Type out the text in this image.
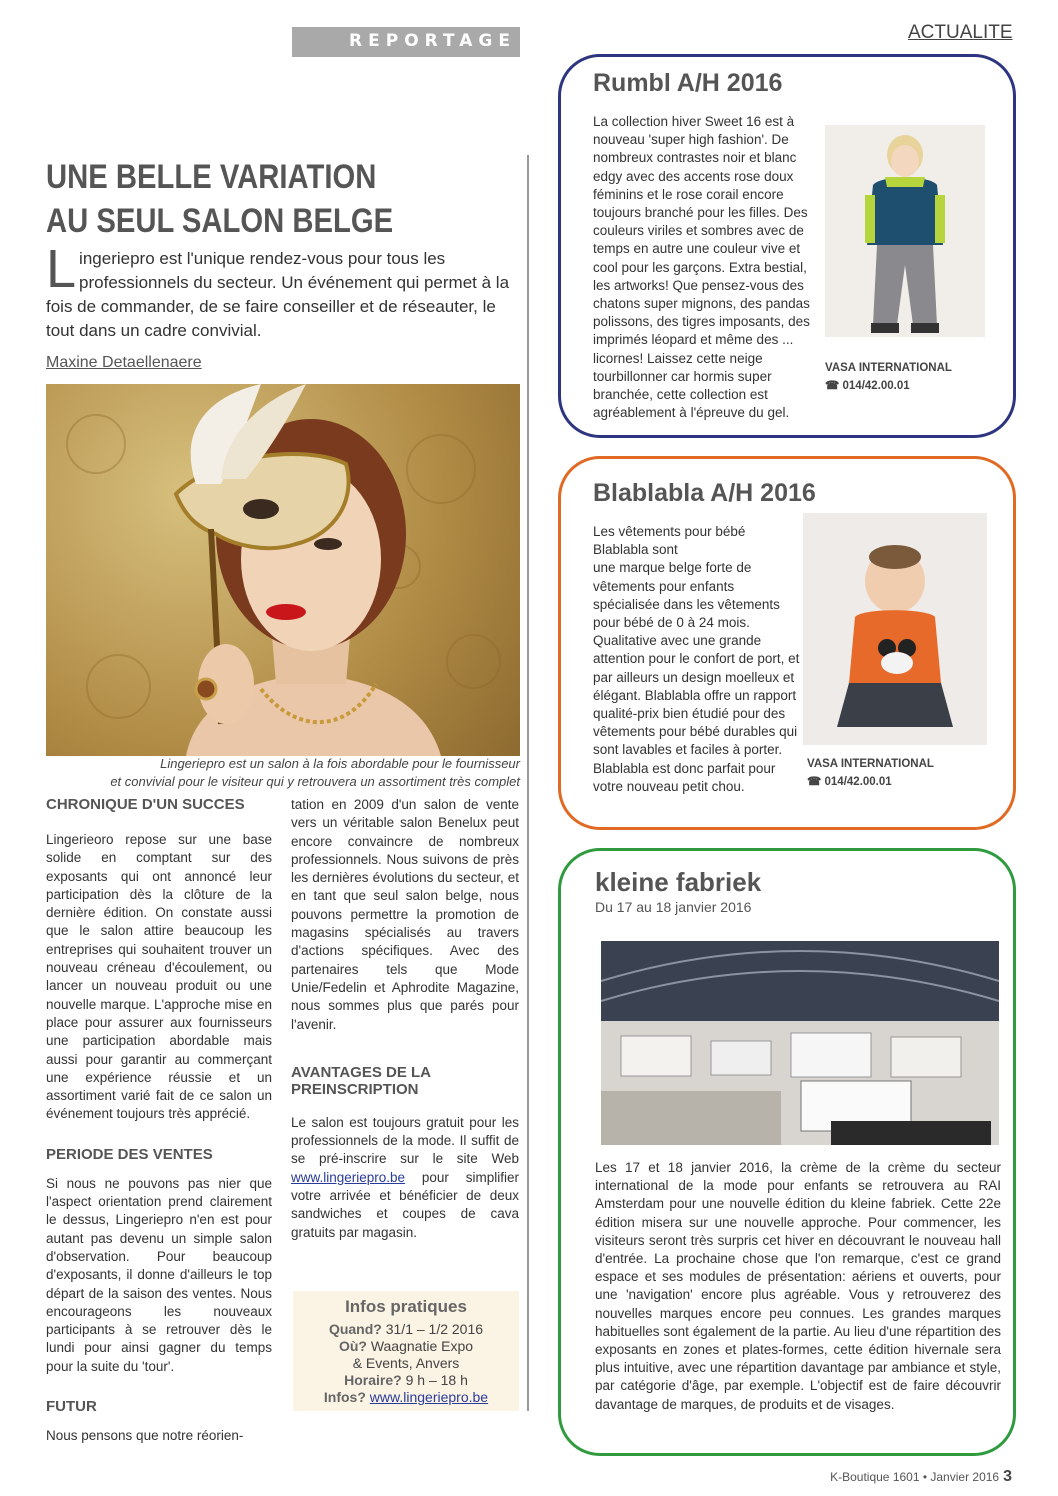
REPORTAGE	ACTUALITE
UNE BELLE VARIATION
AU SEUL SALON BELGE
Lingeriepro est l'unique rendez-vous pour tous les professionnels du secteur. Un événement qui permet à la fois de commander, de se faire conseiller et de réseauter, le tout dans un cadre convivial.
Maxine Detaellenaere
Lingeriepro est un salon à la fois abordable pour le fournisseur
et convivial pour le visiteur qui y retrouvera un assortiment très complet
CHRONIQUE D'UN SUCCES

Lingerieoro repose sur une base solide en comptant sur des exposants qui ont annoncé leur participation dès la clôture de la dernière édition. On constate aussi que le salon attire beaucoup les entreprises qui souhaitent trouver un nouveau créneau d'écoulement, ou lancer un nouveau produit ou une nouvelle marque. L'approche mise en place pour assurer aux fournisseurs une participation abordable mais aussi pour garantir au commerçant une expérience réussie et un assortiment varié fait de ce salon un événement toujours très apprécié.

PERIODE DES VENTES

Si nous ne pouvons pas nier que l'aspect orientation prend clairement le dessus, Lingeriepro n'en est pour autant pas devenu un simple salon d'observation. Pour beaucoup d'exposants, il donne d'ailleurs le top départ de la saison des ventes. Nous encourageons les nouveaux participants à se retrouver dès le lundi pour ainsi gagner du temps pour la suite du 'tour'.

FUTUR

Nous pensons que notre réorien-

tation en 2009 d'un salon de vente vers un véritable salon Benelux peut encore convaincre de nombreux professionnels. Nous suivons de près les dernières évolutions du secteur, et en tant que seul salon belge, nous pouvons permettre la promotion de magasins spécialisés au travers d'actions spécifiques. Avec des partenaires tels que Mode Unie/Fedelin et Aphrodite Magazine, nous sommes plus que parés pour l'avenir.

AVANTAGES DE LA
PREINSCRIPTION

Le salon est toujours gratuit pour les professionnels de la mode. Il suffit de se pré-inscrire sur le site Web www.lingeriepro.be pour simplifier votre arrivée et bénéficier de deux sandwiches et coupes de cava gratuits par magasin.

Infos pratiques
Quand? 31/1 – 1/2 2016
Où? Waagnatie Expo
& Events, Anvers
Horaire? 9 h – 18 h
Infos? www.lingeriepro.be
Rumbl A/H 2016
La collection hiver Sweet 16 est à nouveau 'super high fashion'. De nombreux contrastes noir et blanc edgy avec des accents rose doux féminins et le rose corail encore toujours branché pour les filles. Des couleurs viriles et sombres avec de temps en autre une couleur vive et cool pour les garçons. Extra bestial, les artworks! Que pensez-vous des chatons super mignons, des pandas polissons, des tigres imposants, des imprimés léopard et même des ... licornes! Laissez cette neige tourbillonner car hormis super branchée, cette collection est agréablement à l'épreuve du gel.
VASA INTERNATIONAL
☎ 014/42.00.01
Blablabla A/H 2016
Les vêtements pour bébé Blablabla sont
une marque belge forte de vêtements pour enfants spécialisée dans les vêtements pour bébé de 0 à 24 mois. Qualitative avec une grande attention pour le confort de port, et par ailleurs un design moelleux et élégant. Blablabla offre un rapport qualité-prix bien étudié pour des vêtements pour bébé durables qui sont lavables et faciles à porter.
Blablabla est donc parfait pour votre nouveau petit chou.
VASA INTERNATIONAL
☎ 014/42.00.01
kleine fabriek
Du 17 au 18 janvier 2016
Les 17 et 18 janvier 2016, la crème de la crème du secteur international de la mode pour enfants se retrouvera au RAI Amsterdam pour une nouvelle édition du kleine fabriek. Cette 22e édition misera sur une nouvelle approche. Pour commencer, les visiteurs seront très surpris cet hiver en découvrant le nouveau hall d'entrée. La prochaine chose que l'on remarque, c'est ce grand espace et ses modules de présentation: aériens et ouverts, pour une 'navigation' encore plus agréable. Vous y retrouverez des nouvelles marques encore peu connues. Les grandes marques habituelles sont également de la partie. Au lieu d'une répartition des exposants en zones et plates-formes, cette édition hivernale sera plus intuitive, avec une répartition davantage par ambiance et style, par catégorie d'âge, par exemple. L'objectif est de faire découvrir davantage de marques, de produits et de visages.
K-Boutique 1601 • Janvier 2016 3
